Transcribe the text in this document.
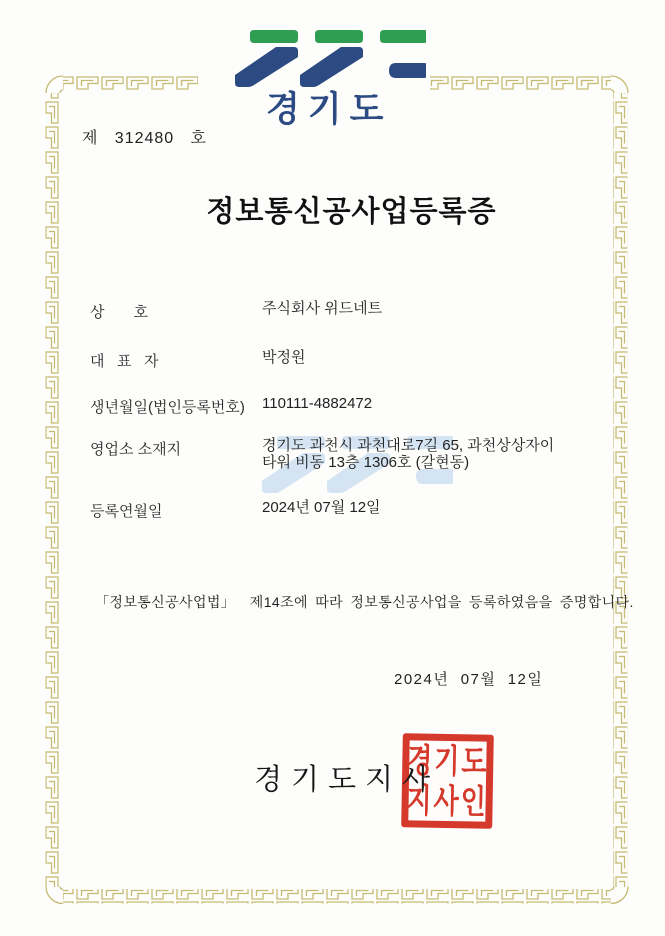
경기도
제   312480   호
정보통신공사업등록증
상       호	주식회사 위드네트
대   표   자	박정원
생년월일(법인등록번호) 110111-4882472
영업소 소재지	경기도 과천시 과천대로7길 65, 과천상상자이 타워 비동 13층 1306호 (갈현동)
등록연월일	2024년 07월 12일

「정보통신공사업법」  제14조에 따라 정보통신공사업을 등록하였음을 증명합니다.

2024년  07월  12일
경기도지사
경기도
지사인
